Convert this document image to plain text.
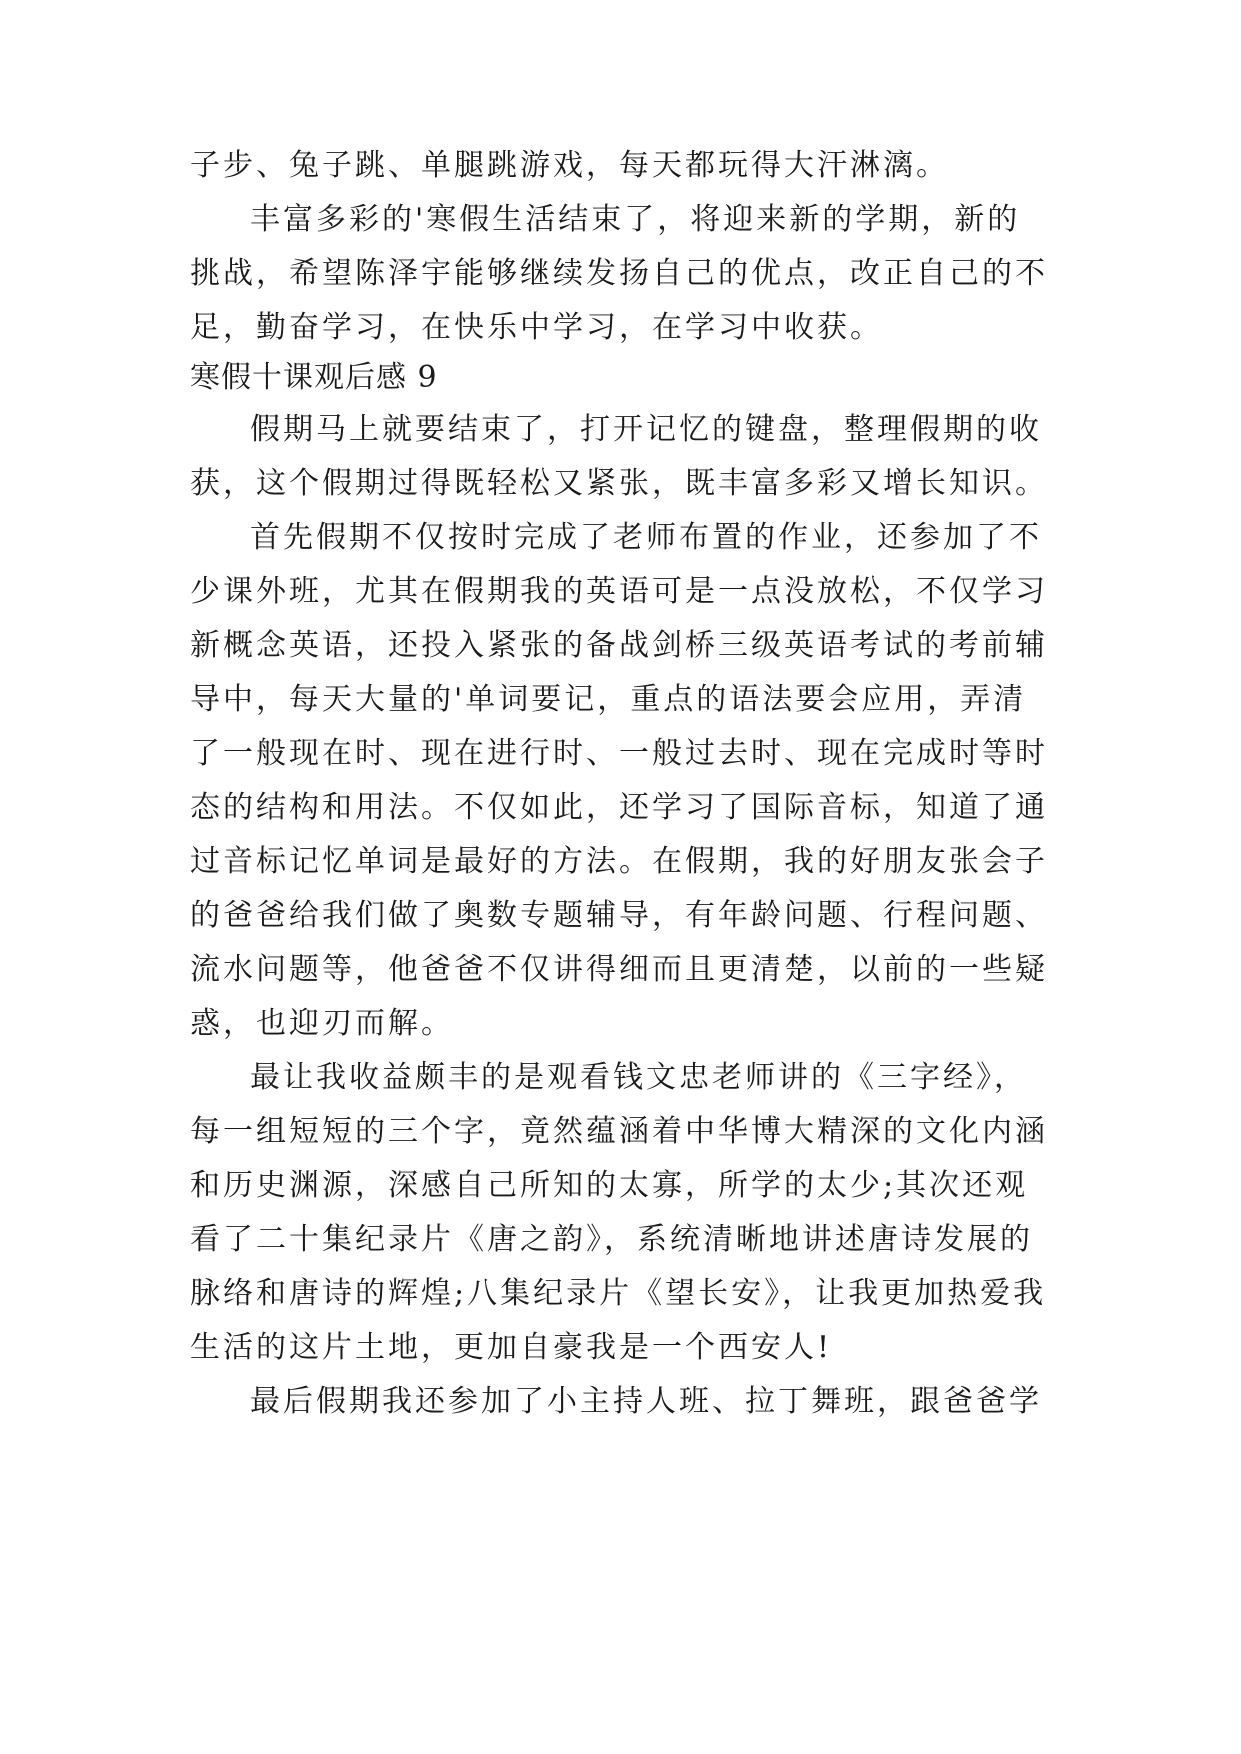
子步、兔子跳、单腿跳游戏，每天都玩得大汗淋漓。
丰富多彩的'寒假生活结束了，将迎来新的学期，新的
挑战，希望陈泽宇能够继续发扬自己的优点，改正自己的不
足，勤奋学习，在快乐中学习，在学习中收获。
寒假十课观后感 9
假期马上就要结束了，打开记忆的键盘，整理假期的收
获，这个假期过得既轻松又紧张，既丰富多彩又增长知识。
首先假期不仅按时完成了老师布置的作业，还参加了不
少课外班，尤其在假期我的英语可是一点没放松，不仅学习
新概念英语，还投入紧张的备战剑桥三级英语考试的考前辅
导中，每天大量的'单词要记，重点的语法要会应用，弄清
了一般现在时、现在进行时、一般过去时、现在完成时等时
态的结构和用法。不仅如此，还学习了国际音标，知道了通
过音标记忆单词是最好的方法。在假期，我的好朋友张会子
的爸爸给我们做了奥数专题辅导，有年龄问题、行程问题、
流水问题等，他爸爸不仅讲得细而且更清楚，以前的一些疑
惑，也迎刃而解。
最让我收益颇丰的是观看钱文忠老师讲的《三字经》，
每一组短短的三个字，竟然蕴涵着中华博大精深的文化内涵
和历史渊源，深感自己所知的太寡，所学的太少;其次还观
看了二十集纪录片《唐之韵》，系统清晰地讲述唐诗发展的
脉络和唐诗的辉煌;八集纪录片《望长安》，让我更加热爱我
生活的这片土地，更加自豪我是一个西安人!
最后假期我还参加了小主持人班、拉丁舞班，跟爸爸学
